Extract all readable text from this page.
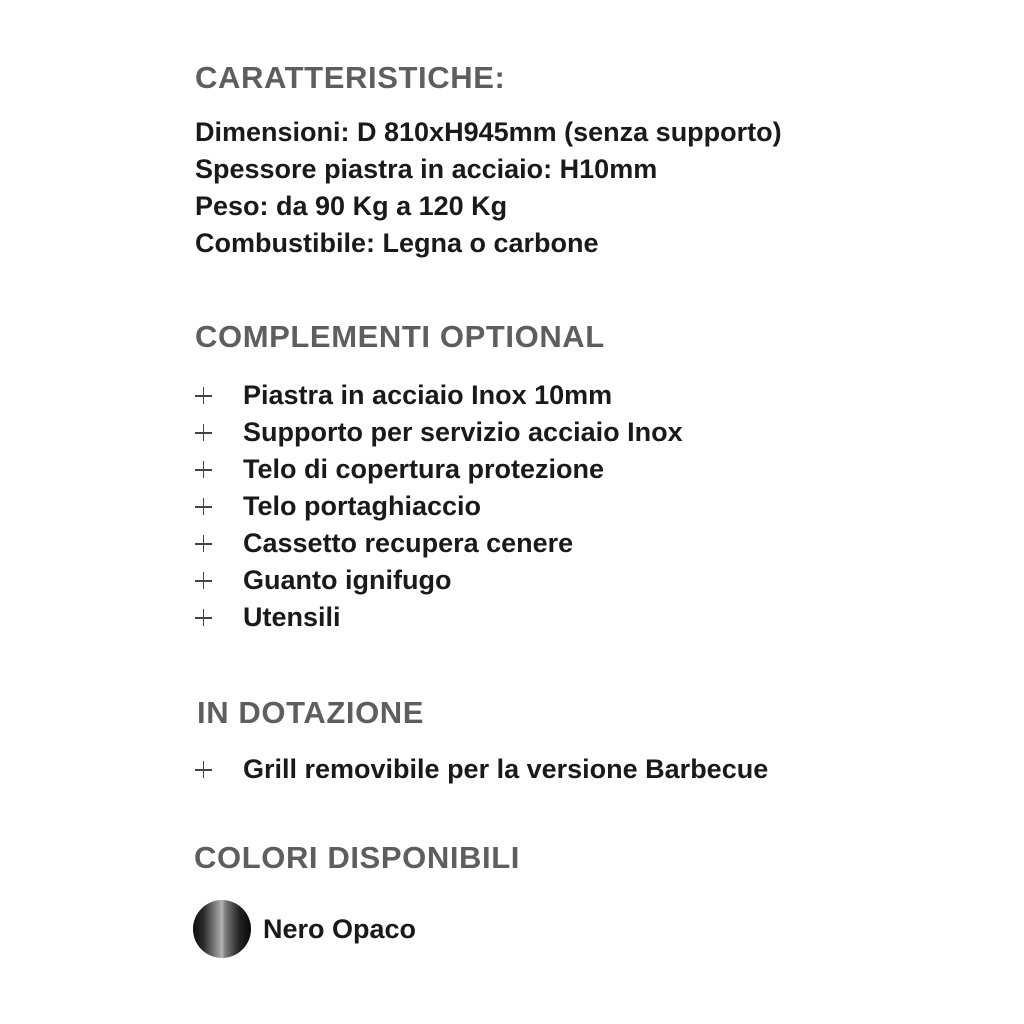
CARATTERISTICHE:
Dimensioni: D 810xH945mm (senza supporto)
Spessore piastra in acciaio: H10mm
Peso: da 90 Kg a 120 Kg
Combustibile: Legna o carbone
COMPLEMENTI OPTIONAL
Piastra in acciaio Inox 10mm
Supporto per servizio acciaio Inox
Telo di copertura protezione
Telo portaghiaccio
Cassetto recupera cenere
Guanto ignifugo
Utensili
IN DOTAZIONE
Grill removibile per la versione Barbecue
COLORI DISPONIBILI
Nero Opaco
